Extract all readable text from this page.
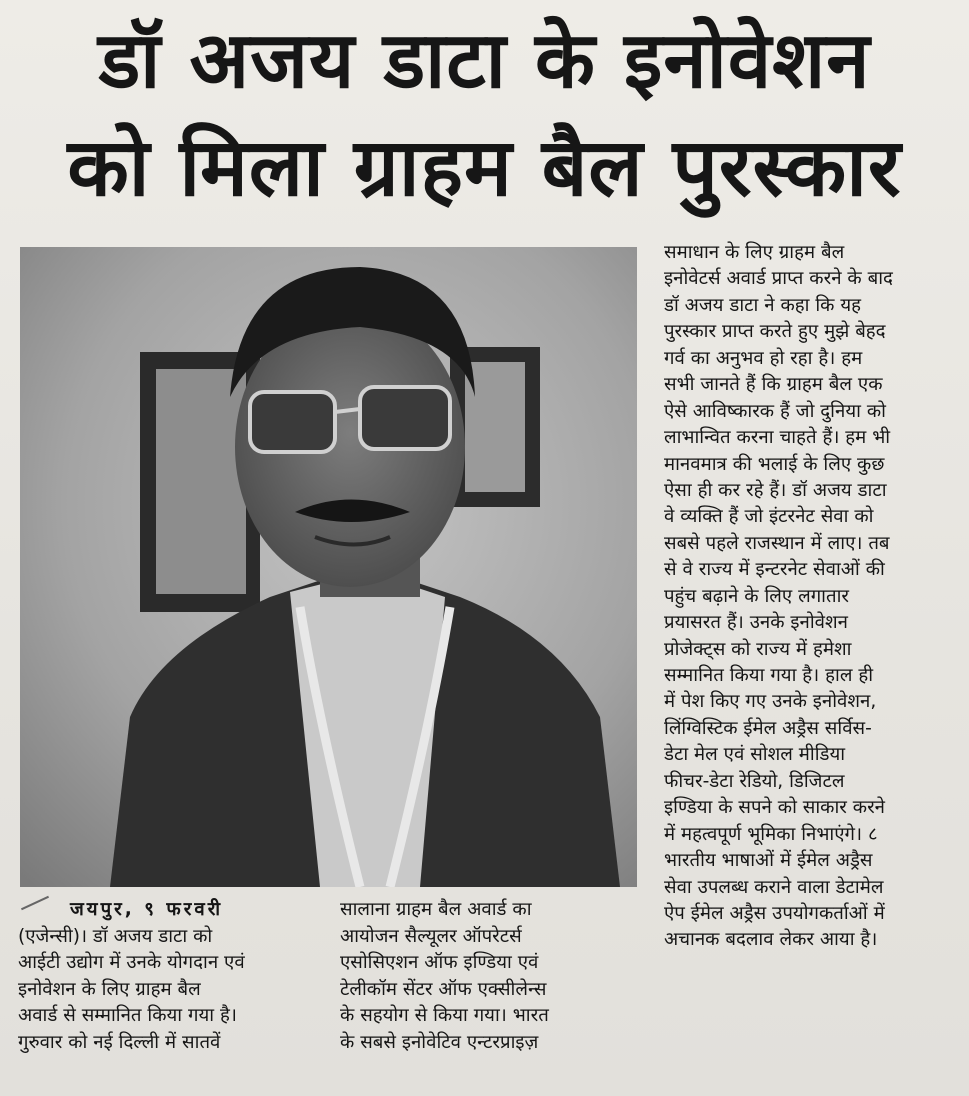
डॉ अजय डाटा के इनोवेशन
को मिला ग्राहम बैल पुरस्कार
समाधान के लिए ग्राहम बैल
इनोवेटर्स अवार्ड प्राप्त करने के बाद
डॉ अजय डाटा ने कहा कि यह
पुरस्कार प्राप्त करते हुए मुझे बेहद
गर्व का अनुभव हो रहा है। हम
सभी जानते हैं कि ग्राहम बैल एक
ऐसे आविष्कारक हैं जो दुनिया को
लाभान्वित करना चाहते हैं। हम भी
मानवमात्र की भलाई के लिए कुछ
ऐसा ही कर रहे हैं। डॉ अजय डाटा
वे व्यक्ति हैं जो इंटरनेट सेवा को
सबसे पहले राजस्थान में लाए। तब
से वे राज्य में इन्टरनेट सेवाओं की
पहुंच बढ़ाने के लिए लगातार
प्रयासरत हैं। उनके इनोवेशन
प्रोजेक्ट्स को राज्य में हमेशा
सम्मानित किया गया है। हाल ही
में पेश किए गए उनके इनोवेशन,
लिंग्विस्टिक ईमेल अड्रैस सर्विस-
डेटा मेल एवं सोशल मीडिया
फीचर-डेटा रेडियो, डिजिटल
इण्डिया के सपने को साकार करने
में महत्वपूर्ण भूमिका निभाएंगे। ८
भारतीय भाषाओं में ईमेल अड्रैस
सेवा उपलब्ध कराने वाला डेटामेल
ऐप ईमेल अड्रैस उपयोगकर्ताओं में
अचानक बदलाव लेकर आया है।
जयपुर, ९ फरवरी
(एजेन्सी)। डॉ अजय डाटा को
आईटी उद्योग में उनके योगदान एवं
इनोवेशन के लिए ग्राहम बैल
अवार्ड से सम्मानित किया गया है।
गुरुवार को नई दिल्ली में सातवें
सालाना ग्राहम बैल अवार्ड का
आयोजन सैल्यूलर ऑपरेटर्स
एसोसिएशन ऑफ इण्डिया एवं
टेलीकॉम सेंटर ऑफ एक्सीलेन्स
के सहयोग से किया गया। भारत
के सबसे इनोवेटिव एन्टरप्राइज़
